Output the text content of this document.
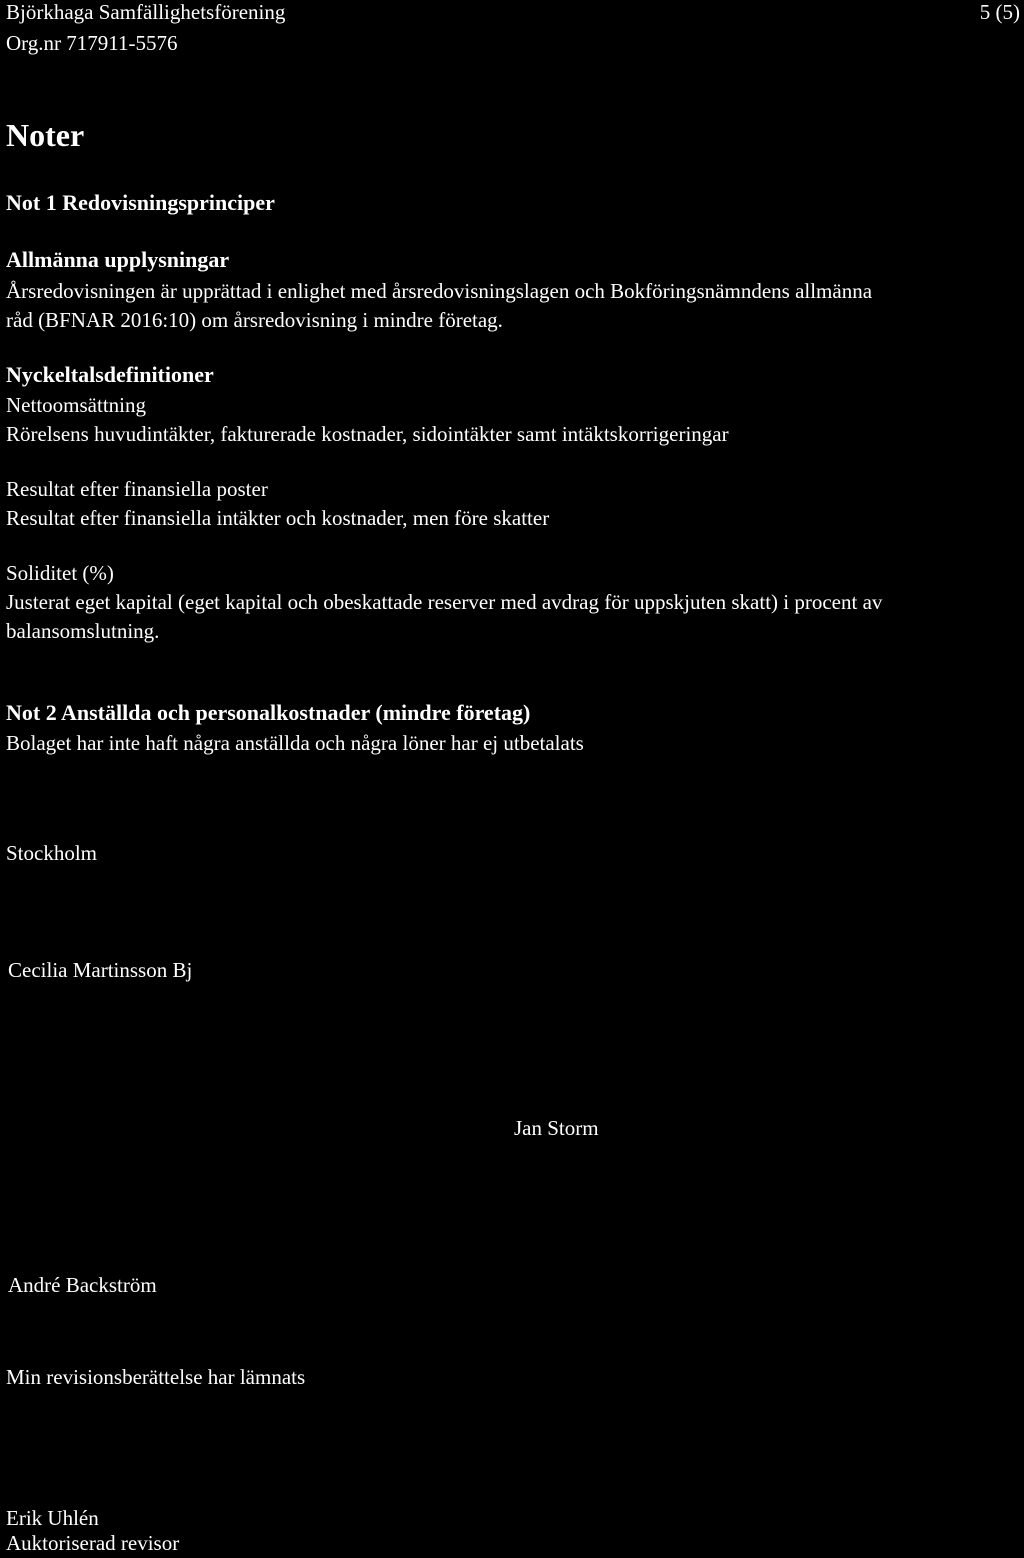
Björkhaga Samfällighetsförening
Org.nr 717911-5576
5 (5)
Noter
Not 1 Redovisningsprinciper
Allmänna upplysningar
Årsredovisningen är upprättad i enlighet med årsredovisningslagen och Bokföringsnämndens allmänna
råd (BFNAR 2016:10) om årsredovisning i mindre företag.
Nyckeltalsdefinitioner
Nettoomsättning
Rörelsens huvudintäkter, fakturerade kostnader, sidointäkter samt intäktskorrigeringar
Resultat efter finansiella poster
Resultat efter finansiella intäkter och kostnader, men före skatter
Soliditet (%)
Justerat eget kapital (eget kapital och obeskattade reserver med avdrag för uppskjuten skatt) i procent av
balansomslutning.
Not 2 Anställda och personalkostnader (mindre företag)
Bolaget har inte haft några anställda och några löner har ej utbetalats
Stockholm
Cecilia Martinsson Bj
Jan Storm
André Backström
Min revisionsberättelse har lämnats
Erik Uhlén
Auktoriserad revisor
